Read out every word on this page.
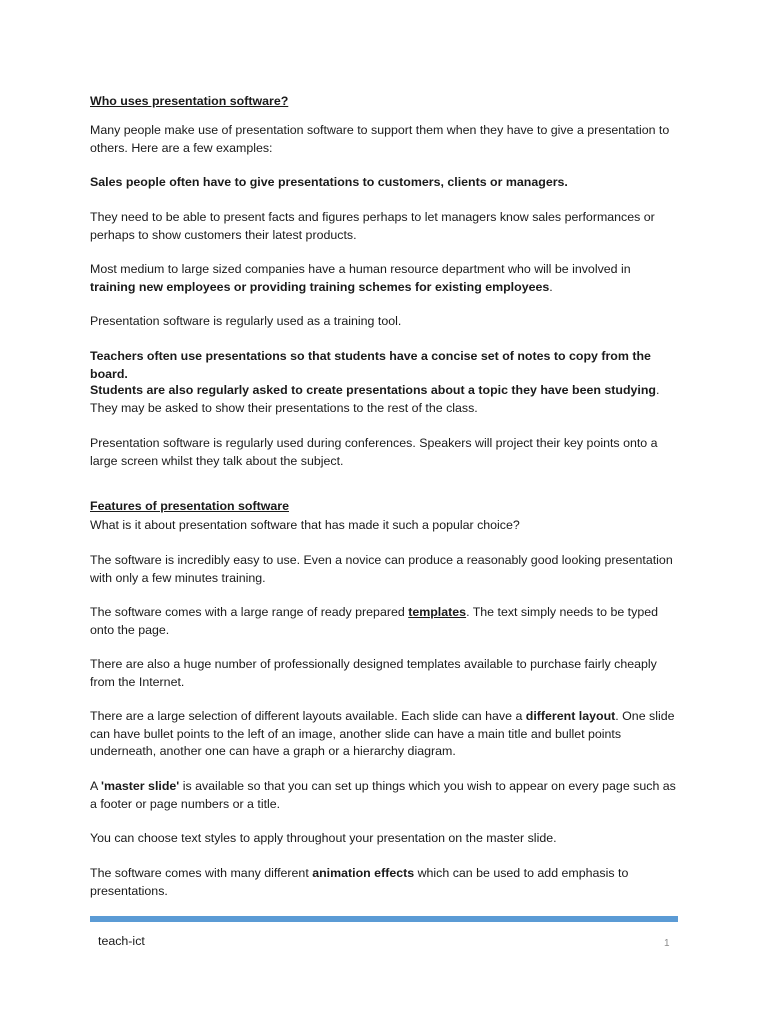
Who uses presentation software?

Many people make use of presentation software to support them when they have to give a presentation to others. Here are a few examples:

Sales people often have to give presentations to customers, clients or managers.

They need to be able to present facts and figures perhaps to let managers know sales performances or perhaps to show customers their latest products.

Most medium to large sized companies have a human resource department who will be involved in training new employees or providing training schemes for existing employees.

Presentation software is regularly used as a training tool.

Teachers often use presentations so that students have a concise set of notes to copy from the board.

Students are also regularly asked to create presentations about a topic they have been studying. They may be asked to show their presentations to the rest of the class.

Presentation software is regularly used during conferences. Speakers will project their key points onto a large screen whilst they talk about the subject.

Features of presentation software

What is it about presentation software that has made it such a popular choice?

The software is incredibly easy to use. Even a novice can produce a reasonably good looking presentation with only a few minutes training.

The software comes with a large range of ready prepared templates. The text simply needs to be typed onto the page.

There are also a huge number of professionally designed templates available to purchase fairly cheaply from the Internet.

There are a large selection of different layouts available. Each slide can have a different layout. One slide can have bullet points to the left of an image, another slide can have a main title and bullet points underneath, another one can have a graph or a hierarchy diagram.

A 'master slide' is available so that you can set up things which you wish to appear on every page such as a footer or page numbers or a title.

You can choose text styles to apply throughout your presentation on the master slide.

The software comes with many different animation effects which can be used to add emphasis to presentations.

teach-ict	1
